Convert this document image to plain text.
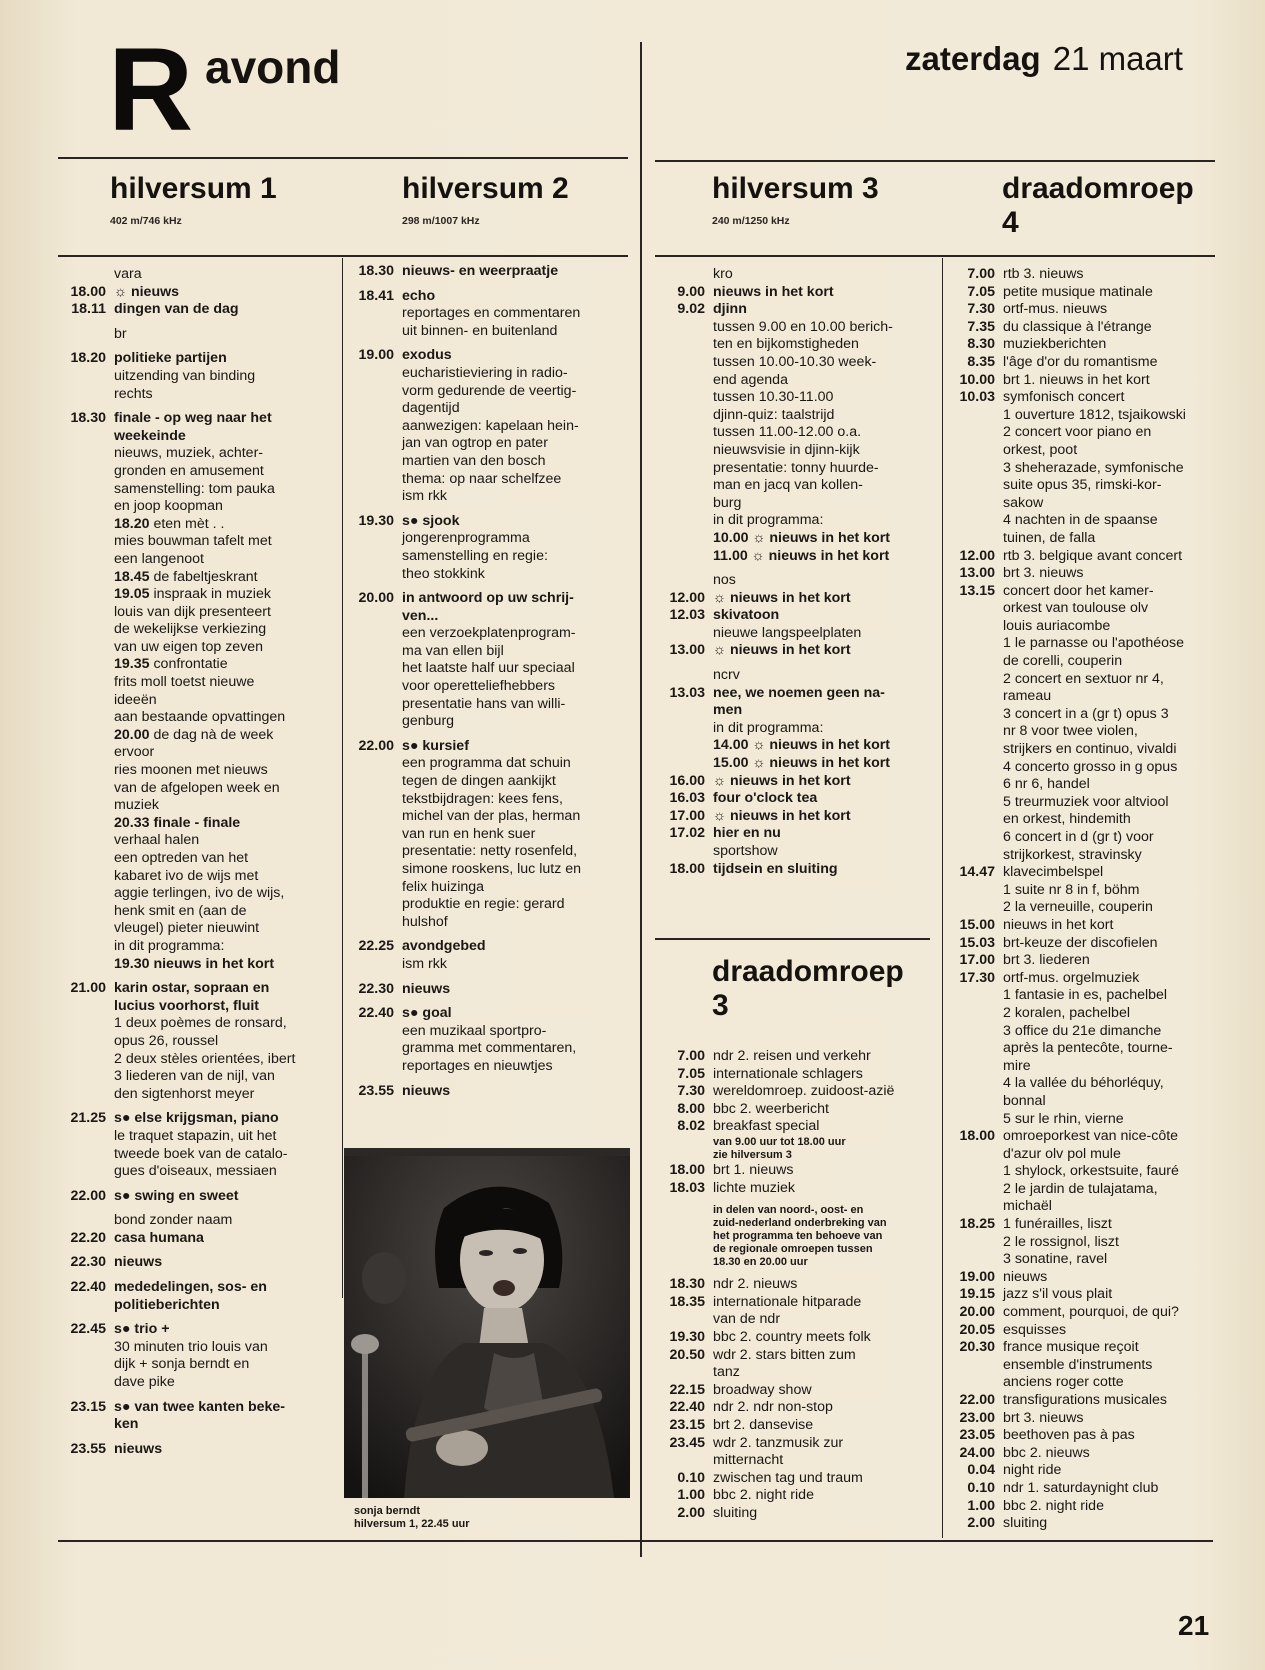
R avond	zaterdag 21 maart
hilversum 1
402 m/746 kHz
hilversum 2
298 m/1007 kHz
hilversum 3
240 m/1250 kHz
draadomroep
4
draadomroep
3
vara
18.00 ☼ nieuws
18.11 dingen van de dag
br
18.20 politieke partijen
uitzending van binding
rechts
18.30 finale - op weg naar het
weekeinde
nieuws, muziek, achter-
gronden en amusement
samenstelling: tom pauka
en joop koopman
18.20 eten mèt . .
mies bouwman tafelt met
een langenoot
18.45 de fabeltjeskrant
19.05 inspraak in muziek
louis van dijk presenteert
de wekelijkse verkiezing
van uw eigen top zeven
19.35 confrontatie
frits moll toetst nieuwe
ideeën
aan bestaande opvattingen
20.00 de dag nà de week
ervoor
ries moonen met nieuws
van de afgelopen week en
muziek
20.33 finale - finale
verhaal halen
een optreden van het
kabaret ivo de wijs met
aggie terlingen, ivo de wijs,
henk smit en (aan de
vleugel) pieter nieuwint
in dit programma:
19.30 nieuws in het kort
21.00 karin ostar, sopraan en
lucius voorhorst, fluit
1 deux poèmes de ronsard,
opus 26, roussel
2 deux stèles orientées, ibert
3 liederen van de nijl, van
den sigtenhorst meyer
21.25 s● else krijgsman, piano
le traquet stapazin, uit het
tweede boek van de catalo-
gues d'oiseaux, messiaen
22.00 s● swing en sweet
bond zonder naam
22.20 casa humana
22.30 nieuws
22.40 mededelingen, sos- en
politieberichten
22.45 s● trio +
30 minuten trio louis van
dijk + sonja berndt en
dave pike
23.15 s● van twee kanten beke-
ken
23.55 nieuws
18.30 nieuws- en weerpraatje
18.41 echo
reportages en commentaren
uit binnen- en buitenland
19.00 exodus
eucharistieviering in radio-
vorm gedurende de veertig-
dagentijd
aanwezigen: kapelaan hein-
jan van ogtrop en pater
martien van den bosch
thema: op naar schelfzee
ism rkk
19.30 s● sjook
jongerenprogramma
samenstelling en regie:
theo stokkink
20.00 in antwoord op uw schrij-
ven...
een verzoekplatenprogram-
ma van ellen bijl
het laatste half uur speciaal
voor operetteliefhebbers
presentatie hans van willi-
genburg
22.00 s● kursief
een programma dat schuin
tegen de dingen aankijkt
tekstbijdragen: kees fens,
michel van der plas, herman
van run en henk suer
presentatie: netty rosenfeld,
simone rooskens, luc lutz en
felix huizinga
produktie en regie: gerard
hulshof
22.25 avondgebed
ism rkk
22.30 nieuws
22.40 s● goal
een muzikaal sportpro-
gramma met commentaren,
reportages en nieuwtjes
23.55 nieuws
kro
9.00 nieuws in het kort
9.02 djinn
tussen 9.00 en 10.00 berich-
ten en bijkomstigheden
tussen 10.00-10.30 week-
end agenda
tussen 10.30-11.00
djinn-quiz: taalstrijd
tussen 11.00-12.00 o.a.
nieuwsvisie in djinn-kijk
presentatie: tonny huurde-
man en jacq van kollen-
burg
in dit programma:
10.00 ☼ nieuws in het kort
11.00 ☼ nieuws in het kort
nos
12.00 ☼ nieuws in het kort
12.03 skivatoon
nieuwe langspeelplaten
13.00 ☼ nieuws in het kort
ncrv
13.03 nee, we noemen geen na-
men
in dit programma:
14.00 ☼ nieuws in het kort
15.00 ☼ nieuws in het kort
16.00 ☼ nieuws in het kort
16.03 four o'clock tea
17.00 ☼ nieuws in het kort
17.02 hier en nu
sportshow
18.00 tijdsein en sluiting
7.00 ndr 2. reisen und verkehr
7.05 internationale schlagers
7.30 wereldomroep. zuidoost-azië
8.00 bbc 2. weerbericht
8.02 breakfast special
van 9.00 uur tot 18.00 uur
zie hilversum 3
18.00 brt 1. nieuws
18.03 lichte muziek
in delen van noord-, oost- en
zuid-nederland onderbreking van
het programma ten behoeve van
de regionale omroepen tussen
18.30 en 20.00 uur
18.30 ndr 2. nieuws
18.35 internationale hitparade
van de ndr
19.30 bbc 2. country meets folk
20.50 wdr 2. stars bitten zum
tanz
22.15 broadway show
22.40 ndr 2. ndr non-stop
23.15 brt 2. dansevise
23.45 wdr 2. tanzmusik zur
mitternacht
0.10 zwischen tag und traum
1.00 bbc 2. night ride
2.00 sluiting
7.00 rtb 3. nieuws
7.05 petite musique matinale
7.30 ortf-mus. nieuws
7.35 du classique à l'étrange
8.30 muziekberichten
8.35 l'âge d'or du romantisme
10.00 brt 1. nieuws in het kort
10.03 symfonisch concert
1 ouverture 1812, tsjaikowski
2 concert voor piano en
orkest, poot
3 sheherazade, symfonische
suite opus 35, rimski-kor-
sakow
4 nachten in de spaanse
tuinen, de falla
12.00 rtb 3. belgique avant concert
13.00 brt 3. nieuws
13.15 concert door het kamer-
orkest van toulouse olv
louis auriacombe
1 le parnasse ou l'apothéose
de corelli, couperin
2 concert en sextuor nr 4,
rameau
3 concert in a (gr t) opus 3
nr 8 voor twee violen,
strijkers en continuo, vivaldi
4 concerto grosso in g opus
6 nr 6, handel
5 treurmuziek voor altviool
en orkest, hindemith
6 concert in d (gr t) voor
strijkorkest, stravinsky
14.47 klavecimbelspel
1 suite nr 8 in f, böhm
2 la verneuille, couperin
15.00 nieuws in het kort
15.03 brt-keuze der discofielen
17.00 brt 3. liederen
17.30 ortf-mus. orgelmuziek
1 fantasie in es, pachelbel
2 koralen, pachelbel
3 office du 21e dimanche
après la pentecôte, tourne-
mire
4 la vallée du béhorléquy,
bonnal
5 sur le rhin, vierne
18.00 omroeporkest van nice-côte
d'azur olv pol mule
1 shylock, orkestsuite, fauré
2 le jardin de tulajatama,
michaël
18.25 1 funérailles, liszt
2 le rossignol, liszt
3 sonatine, ravel
19.00 nieuws
19.15 jazz s'il vous plait
20.00 comment, pourquoi, de qui?
20.05 esquisses
20.30 france musique reçoit
ensemble d'instruments
anciens roger cotte
22.00 transfigurations musicales
23.00 brt 3. nieuws
23.05 beethoven pas à pas
24.00 bbc 2. nieuws
0.04 night ride
0.10 ndr 1. saturdaynight club
1.00 bbc 2. night ride
2.00 sluiting
sonja berndt
hilversum 1, 22.45 uur
21
